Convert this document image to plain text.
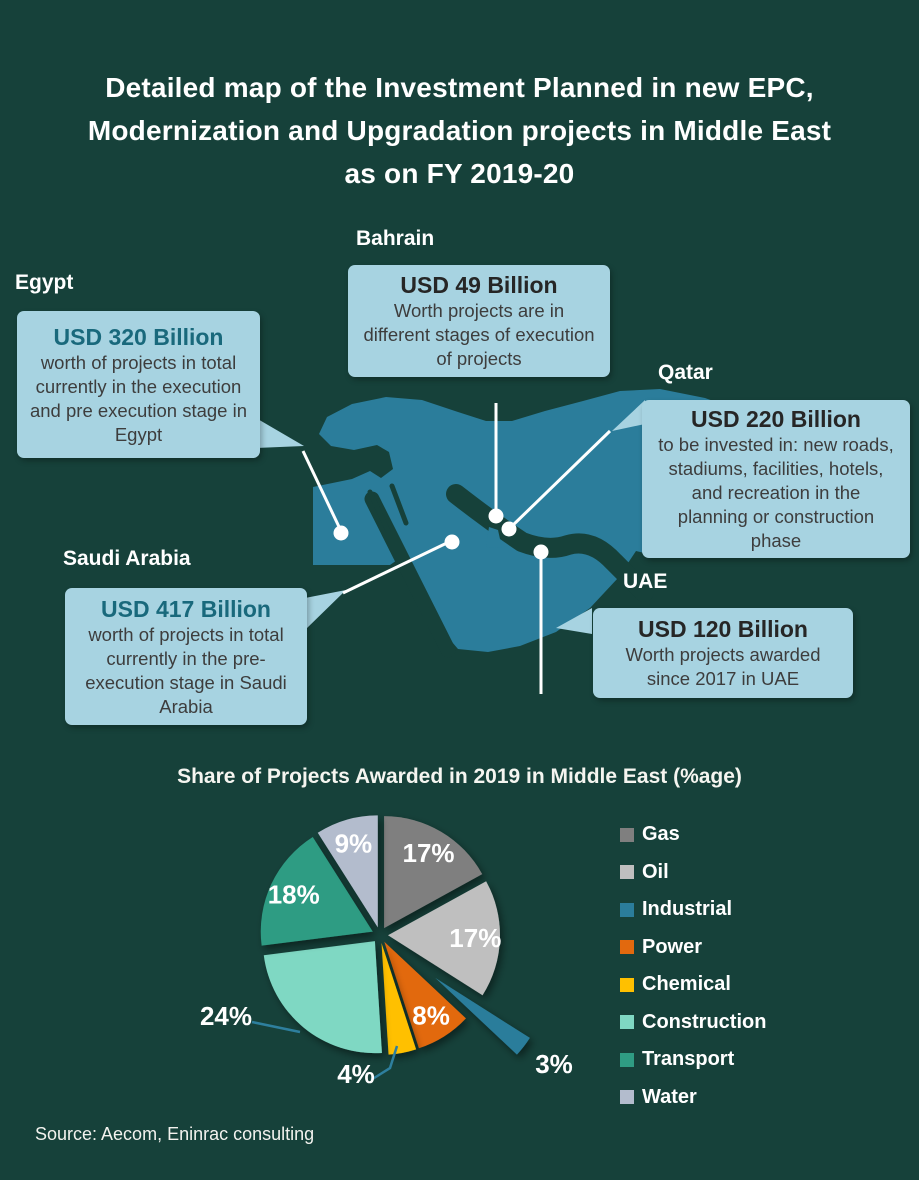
Detailed map of the Investment Planned in new EPC,
Modernization and Upgradation projects in Middle East
as on FY 2019-20
Egypt
Bahrain
Qatar
Saudi Arabia
UAE
USD 320 Billion
worth of projects in total currently in the execution and pre execution stage in Egypt
USD 49 Billion
Worth projects are in different stages of execution of projects
USD 220 Billion
to be invested in: new roads, stadiums, facilities, hotels, and recreation in the planning or construction phase
USD 417 Billion
worth of projects in total currently in the pre-execution stage in Saudi Arabia
USD 120 Billion
Worth projects awarded since 2017 in UAE
Share of Projects Awarded in 2019 in Middle East (%age)
17%
17%
3%
8%
4%
24%
18%
9%	Gas
Oil
Industrial
Power
Chemical
Construction
Transport
Water
Source: Aecom, Eninrac consulting
